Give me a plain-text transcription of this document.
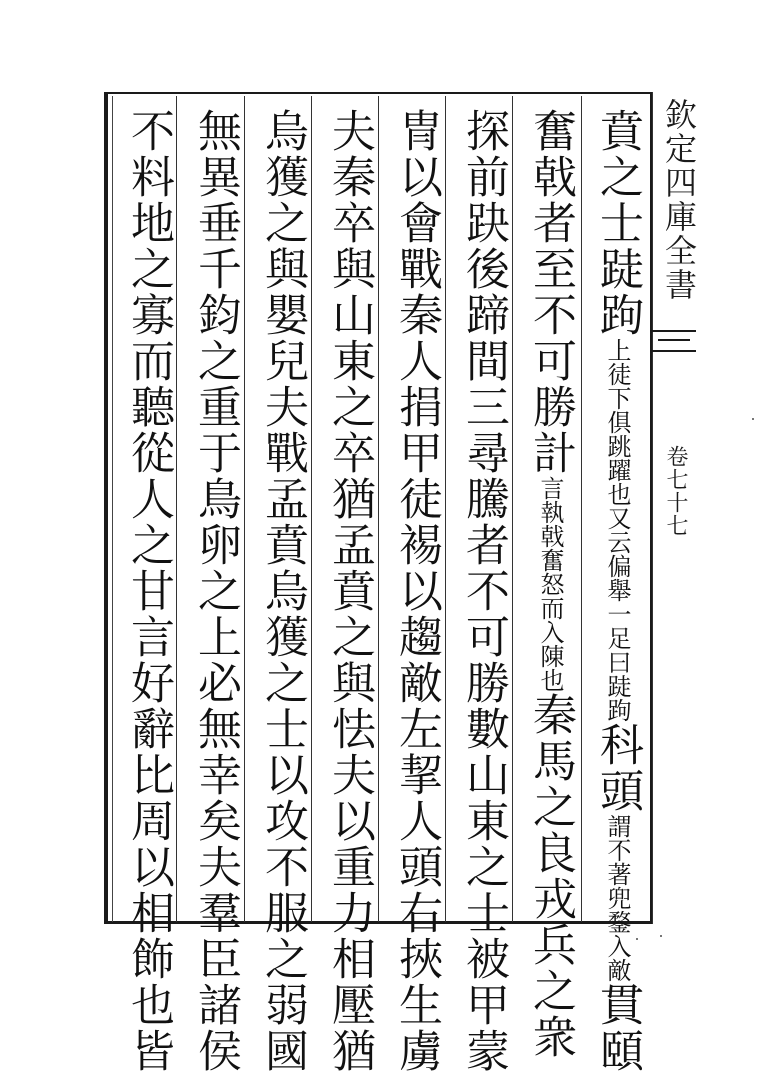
賁之士跿跔上徒下俱跳躍也又云偏舉一足曰跿跔科頭謂不著兜鍪入敵貫頤
奮戟者至不可勝計言執戟奮怒而入陳也秦馬之良戎兵之衆
探前趹後蹄間三尋騰者不可勝數山東之士被甲蒙
冑以會戰秦人捐甲徒裼以趨敵左挈人頭右挾生虜
夫秦卒與山東之卒猶孟賁之與怯夫以重力相壓猶
烏獲之與嬰兒夫戰孟賁烏獲之士以攻不服之弱國
無異垂千鈞之重于鳥卵之上必無幸矣夫羣臣諸侯
不料地之寡而聽從人之甘言好辭比周以相飾也皆	欽定四庫全書
卷七十七
